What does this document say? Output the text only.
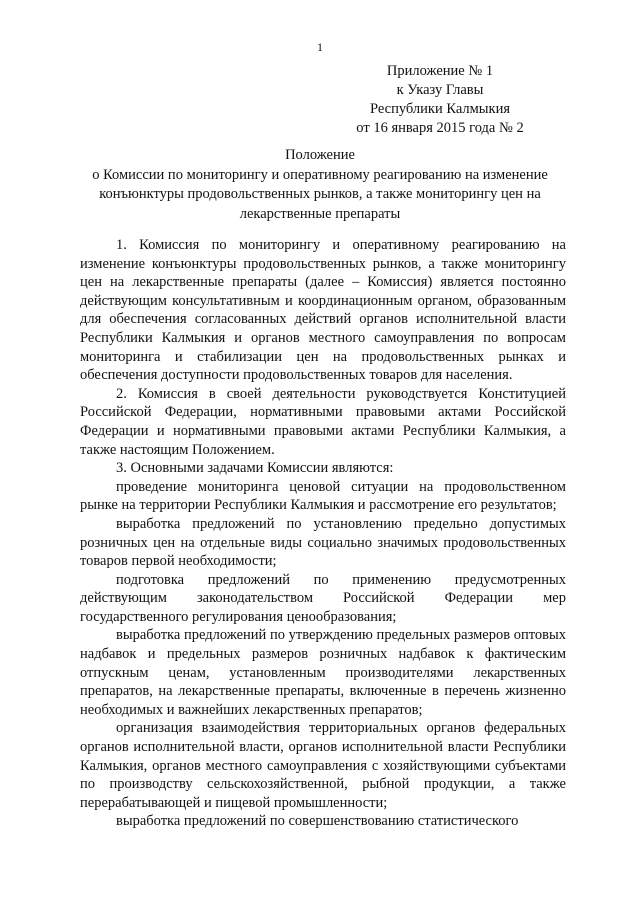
1
Приложение № 1
к Указу Главы
Республики Калмыкия
от 16 января 2015 года № 2
Положение
о Комиссии по мониторингу и оперативному реагированию на изменение
конъюнктуры продовольственных рынков, а также мониторингу цен на
лекарственные препараты

1. Комиссия по мониторингу и оперативному реагированию на изменение конъюнктуры продовольственных рынков, а также мониторингу цен на лекарственные препараты (далее – Комиссия) является постоянно действующим консультативным и координационным органом, образованным для обеспечения согласованных действий органов исполнительной власти Республики Калмыкия и органов местного самоуправления по вопросам мониторинга и стабилизации цен на продовольственных рынках и обеспечения доступности продовольственных товаров для населения.

2. Комиссия в своей деятельности руководствуется Конституцией Российской Федерации, нормативными правовыми актами Российской Федерации и нормативными правовыми актами Республики Калмыкия, а также настоящим Положением.

3. Основными задачами Комиссии являются:

проведение мониторинга ценовой ситуации на продовольственном рынке на территории Республики Калмыкия и рассмотрение его результатов;

выработка предложений по установлению предельно допустимых розничных цен на отдельные виды социально значимых продовольственных товаров первой необходимости;

подготовка предложений по применению предусмотренных действующим законодательством Российской Федерации мер государственного регулирования ценообразования;

выработка предложений по утверждению предельных размеров оптовых надбавок и предельных размеров розничных надбавок к фактическим отпускным ценам, установленным производителями лекарственных препаратов, на лекарственные препараты, включенные в перечень жизненно необходимых и важнейших лекарственных препаратов;

организация взаимодействия территориальных органов федеральных органов исполнительной власти, органов исполнительной власти Республики Калмыкия, органов местного самоуправления с хозяйствующими субъектами по производству сельскохозяйственной, рыбной продукции, а также перерабатывающей и пищевой промышленности;

выработка предложений по совершенствованию статистического
